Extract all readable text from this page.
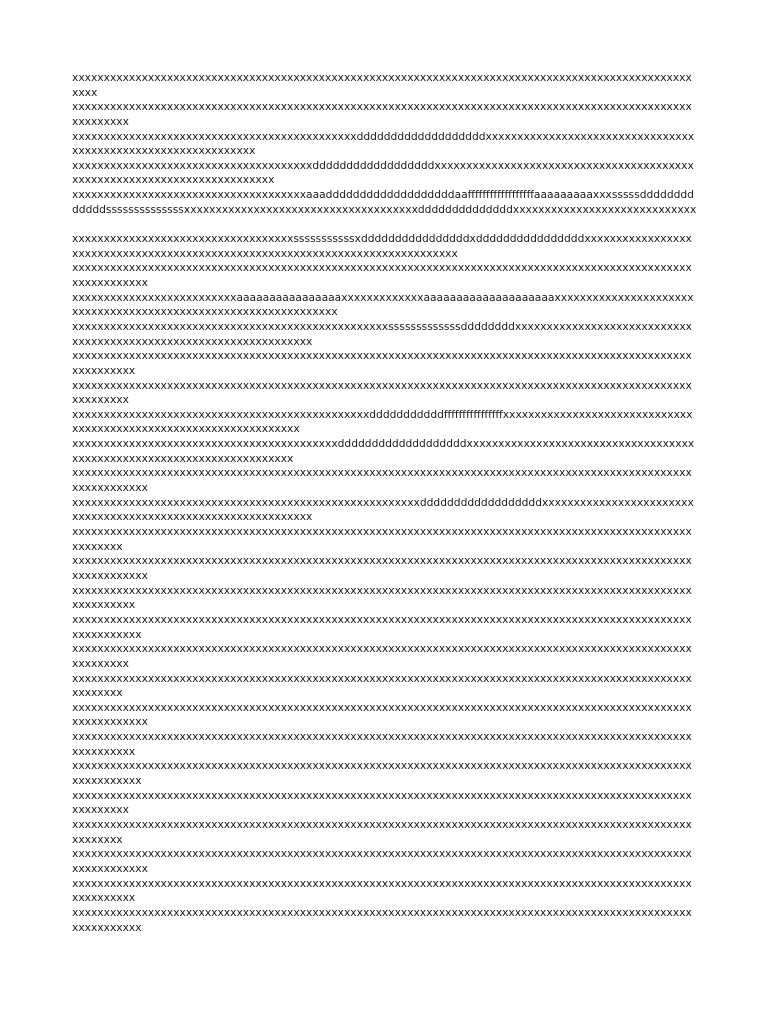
xxxxxxxxxxxxxxxxxxxxxxxxxxxxxxxxxxxxxxxxxxxxxxxxxxxxxxxxxxxxxxxxxxxxxxxxxxxxxxxxxxxxxxxxxxxxxxxxxxxxxx

xxxxxxxxxxxxxxxxxxxxxxxxxxxxxxxxxxxxxxxxxxxxxxxxxxxxxxxxxxxxxxxxxxxxxxxxxxxxxxxxxxxxxxxxxxxxxxxxxxxxxxxxxxx

xxxxxxxxxxxxxxxxxxxxxxxxxxxxxxxxxxxxxxxxxxxxxdddddddddddddddddddxxxxxxxxxxxxxxxxxxxxxxxxxxxxxxxxxxxxxxxxxxxxxxxxxxxxxxxxxxxxxx

xxxxxxxxxxxxxxxxxxxxxxxxxxxxxxxxxxxxxxddddddddddddddddddxxxxxxxxxxxxxxxxxxxxxxxxxxxxxxxxxxxxxxxxxxxxxxxxxxxxxxxxxxxxxxxxxxxxxxxxx

xxxxxxxxxxxxxxxxxxxxxxxxxxxxxxxxxxxxxaaadddddddddddddddddddaaffffffffffffffffffaaaaaaaaaxxxsssssdddddddddddddssssssssssssssxxxxxxxxxxxxxxxxxxxxxxxxxxxxxxxxxxxxxddddddddddddddxxxxxxxxxxxxxxxxxxxxxxxxxxxxx

xxxxxxxxxxxxxxxxxxxxxxxxxxxxxxxxxxxsssssssssssxddddddddddddddddxddddddddddddddddxxxxxxxxxxxxxxxxxxxxxxxxxxxxxxxxxxxxxxxxxxxxxxxxxxxxxxxxxxxxxxxxxxxxxxxxxxxxxx

xxxxxxxxxxxxxxxxxxxxxxxxxxxxxxxxxxxxxxxxxxxxxxxxxxxxxxxxxxxxxxxxxxxxxxxxxxxxxxxxxxxxxxxxxxxxxxxxxxxxxxxxxxxxxx

xxxxxxxxxxxxxxxxxxxxxxxxxxaaaaaaaaaaaaaaaaxxxxxxxxxxxxxaaaaaaaaaaaaaaaaaaaaxxxxxxxxxxxxxxxxxxxxxxxxxxxxxxxxxxxxxxxxxxxxxxxxxxxxxxxxxxxxxxxx

xxxxxxxxxxxxxxxxxxxxxxxxxxxxxxxxxxxxxxxxxxxxxxxxxxsssssssssssssddddddddxxxxxxxxxxxxxxxxxxxxxxxxxxxxxxxxxxxxxxxxxxxxxxxxxxxxxxxxxxxxxxxxxx

xxxxxxxxxxxxxxxxxxxxxxxxxxxxxxxxxxxxxxxxxxxxxxxxxxxxxxxxxxxxxxxxxxxxxxxxxxxxxxxxxxxxxxxxxxxxxxxxxxxxxxxxxxxx

xxxxxxxxxxxxxxxxxxxxxxxxxxxxxxxxxxxxxxxxxxxxxxxxxxxxxxxxxxxxxxxxxxxxxxxxxxxxxxxxxxxxxxxxxxxxxxxxxxxxxxxxxxx

xxxxxxxxxxxxxxxxxxxxxxxxxxxxxxxxxxxxxxxxxxxxxxxdddddddddddffffffffffffffffxxxxxxxxxxxxxxxxxxxxxxxxxxxxxxxxxxxxxxxxxxxxxxxxxxxxxxxxxxxxxxxxxx

xxxxxxxxxxxxxxxxxxxxxxxxxxxxxxxxxxxxxxxxxxdddddddddddddddddddxxxxxxxxxxxxxxxxxxxxxxxxxxxxxxxxxxxxxxxxxxxxxxxxxxxxxxxxxxxxxxxxxxxxxxx

xxxxxxxxxxxxxxxxxxxxxxxxxxxxxxxxxxxxxxxxxxxxxxxxxxxxxxxxxxxxxxxxxxxxxxxxxxxxxxxxxxxxxxxxxxxxxxxxxxxxxxxxxxxxxx

xxxxxxxxxxxxxxxxxxxxxxxxxxxxxxxxxxxxxxxxxxxxxxxxxxxxxxxddddddddddddddddddxxxxxxxxxxxxxxxxxxxxxxxxxxxxxxxxxxxxxxxxxxxxxxxxxxxxxxxxxxxxxx

xxxxxxxxxxxxxxxxxxxxxxxxxxxxxxxxxxxxxxxxxxxxxxxxxxxxxxxxxxxxxxxxxxxxxxxxxxxxxxxxxxxxxxxxxxxxxxxxxxxxxxxxxx

xxxxxxxxxxxxxxxxxxxxxxxxxxxxxxxxxxxxxxxxxxxxxxxxxxxxxxxxxxxxxxxxxxxxxxxxxxxxxxxxxxxxxxxxxxxxxxxxxxxxxxxxxxxxxx

xxxxxxxxxxxxxxxxxxxxxxxxxxxxxxxxxxxxxxxxxxxxxxxxxxxxxxxxxxxxxxxxxxxxxxxxxxxxxxxxxxxxxxxxxxxxxxxxxxxxxxxxxxxx

xxxxxxxxxxxxxxxxxxxxxxxxxxxxxxxxxxxxxxxxxxxxxxxxxxxxxxxxxxxxxxxxxxxxxxxxxxxxxxxxxxxxxxxxxxxxxxxxxxxxxxxxxxxxx

xxxxxxxxxxxxxxxxxxxxxxxxxxxxxxxxxxxxxxxxxxxxxxxxxxxxxxxxxxxxxxxxxxxxxxxxxxxxxxxxxxxxxxxxxxxxxxxxxxxxxxxxxxx

xxxxxxxxxxxxxxxxxxxxxxxxxxxxxxxxxxxxxxxxxxxxxxxxxxxxxxxxxxxxxxxxxxxxxxxxxxxxxxxxxxxxxxxxxxxxxxxxxxxxxxxxxx

xxxxxxxxxxxxxxxxxxxxxxxxxxxxxxxxxxxxxxxxxxxxxxxxxxxxxxxxxxxxxxxxxxxxxxxxxxxxxxxxxxxxxxxxxxxxxxxxxxxxxxxxxxxxxx

xxxxxxxxxxxxxxxxxxxxxxxxxxxxxxxxxxxxxxxxxxxxxxxxxxxxxxxxxxxxxxxxxxxxxxxxxxxxxxxxxxxxxxxxxxxxxxxxxxxxxxxxxxxx

xxxxxxxxxxxxxxxxxxxxxxxxxxxxxxxxxxxxxxxxxxxxxxxxxxxxxxxxxxxxxxxxxxxxxxxxxxxxxxxxxxxxxxxxxxxxxxxxxxxxxxxxxxxxx

xxxxxxxxxxxxxxxxxxxxxxxxxxxxxxxxxxxxxxxxxxxxxxxxxxxxxxxxxxxxxxxxxxxxxxxxxxxxxxxxxxxxxxxxxxxxxxxxxxxxxxxxxxx

xxxxxxxxxxxxxxxxxxxxxxxxxxxxxxxxxxxxxxxxxxxxxxxxxxxxxxxxxxxxxxxxxxxxxxxxxxxxxxxxxxxxxxxxxxxxxxxxxxxxxxxxxx

xxxxxxxxxxxxxxxxxxxxxxxxxxxxxxxxxxxxxxxxxxxxxxxxxxxxxxxxxxxxxxxxxxxxxxxxxxxxxxxxxxxxxxxxxxxxxxxxxxxxxxxxxxxxxx

xxxxxxxxxxxxxxxxxxxxxxxxxxxxxxxxxxxxxxxxxxxxxxxxxxxxxxxxxxxxxxxxxxxxxxxxxxxxxxxxxxxxxxxxxxxxxxxxxxxxxxxxxxxx

xxxxxxxxxxxxxxxxxxxxxxxxxxxxxxxxxxxxxxxxxxxxxxxxxxxxxxxxxxxxxxxxxxxxxxxxxxxxxxxxxxxxxxxxxxxxxxxxxxxxxxxxxxxxx
